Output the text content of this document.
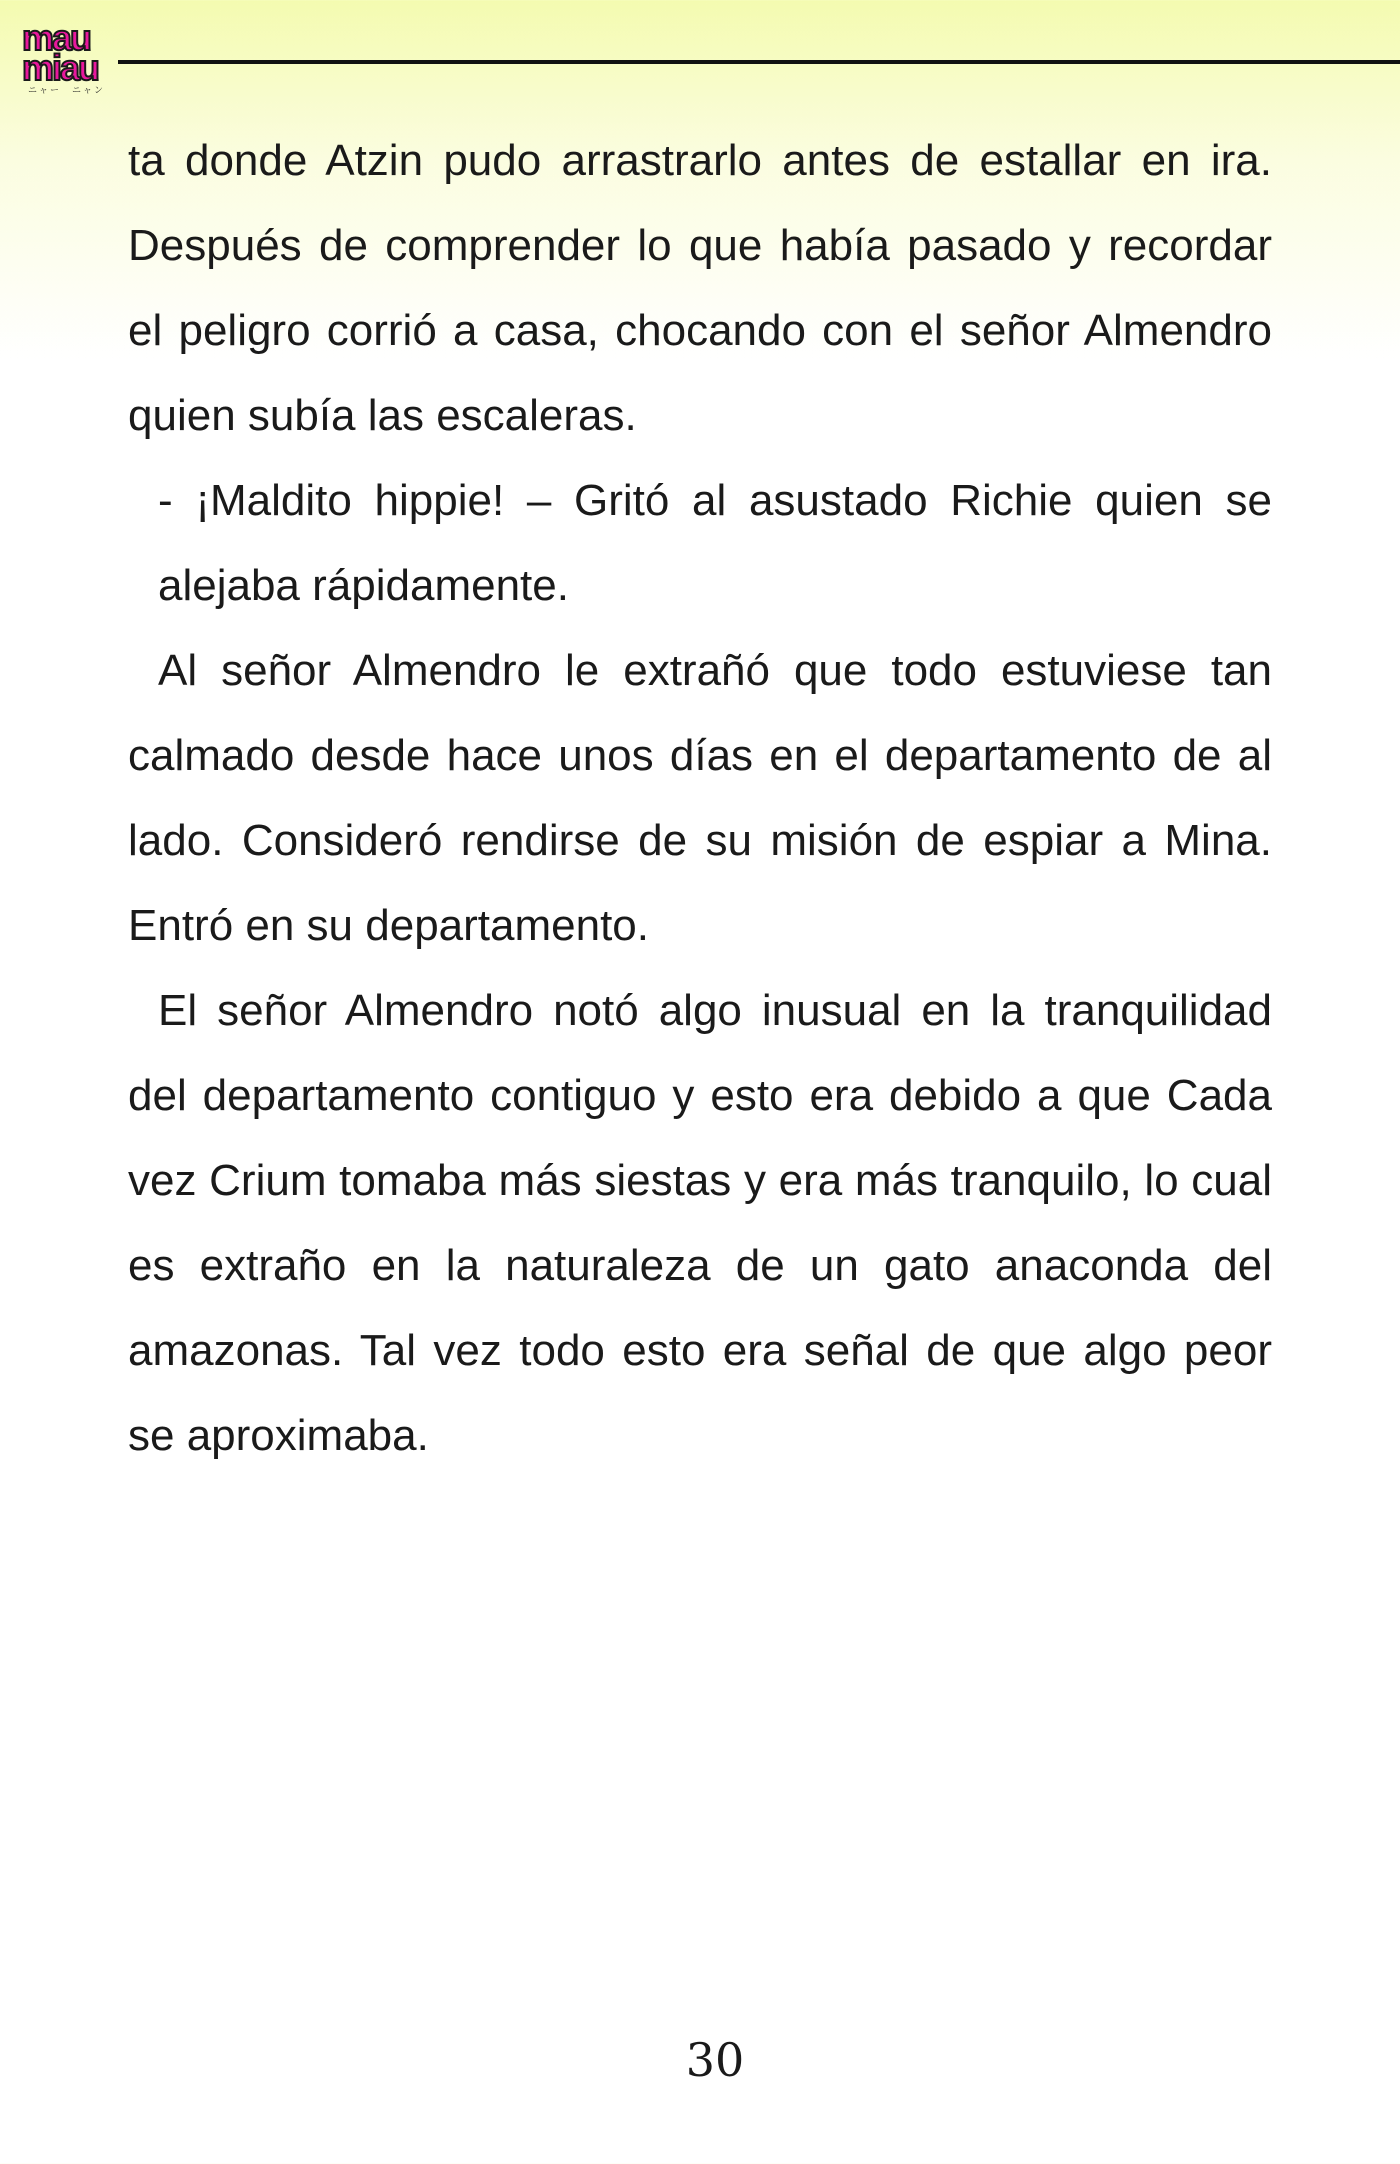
mau
miau
ニャー　ニャン

ta donde Atzin pudo arrastrarlo antes de estallar en ira. Después de comprender lo que había pasado y recordar el peligro corrió a casa, chocando con el señor Almendro quien subía las escaleras.

- ¡Maldito hippie! – Gritó al asustado Richie quien se alejaba rápidamente.

Al señor Almendro le extrañó que todo estuviese tan calmado desde hace unos días en el departamento de al lado. Consideró rendirse de su misión de espiar a Mina. Entró en su departamento.

El señor Almendro notó algo inusual en la tranquilidad del departamento contiguo y esto era debido a que Cada vez Crium tomaba más siestas y era más tranquilo, lo cual es extraño en la naturaleza de un gato anaconda del amazonas. Tal vez todo esto era señal de que algo peor se aproximaba.

30
